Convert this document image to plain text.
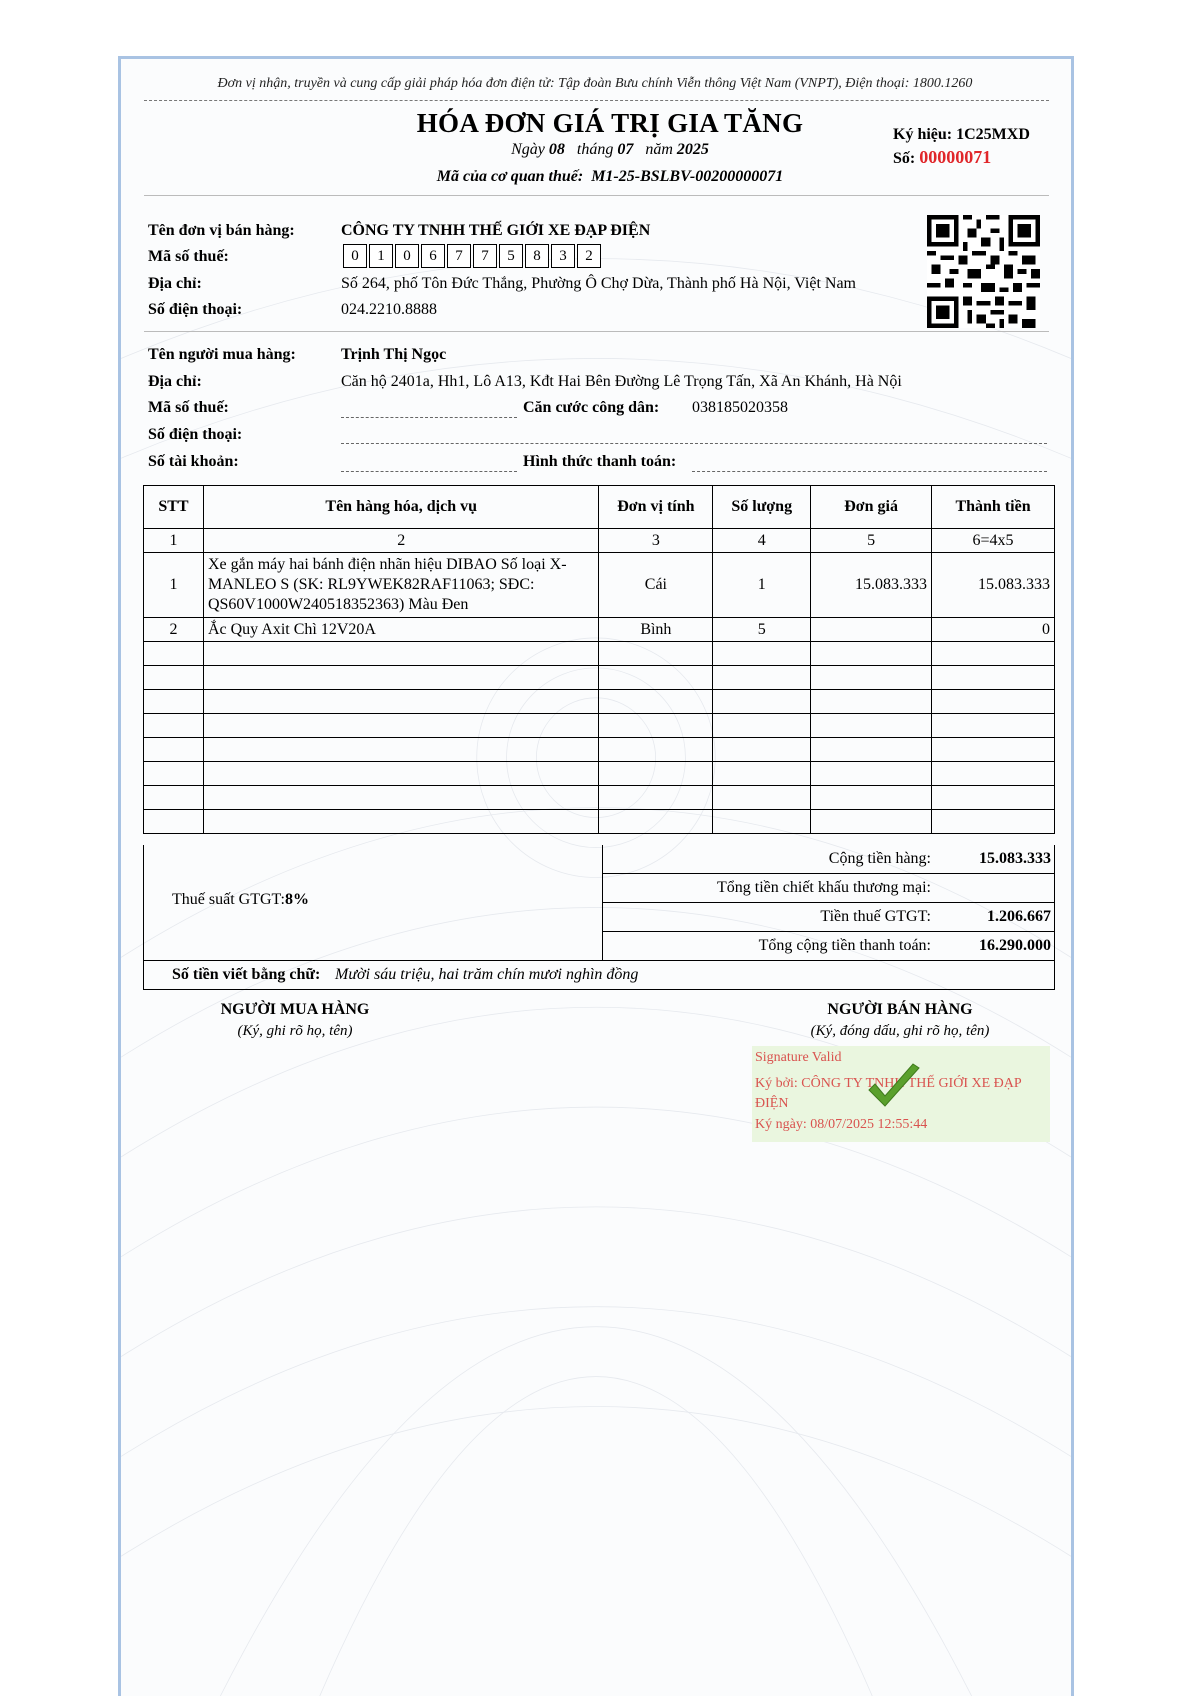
Đơn vị nhận, truyền và cung cấp giải pháp hóa đơn điện tử: Tập đoàn Bưu chính Viễn thông Việt Nam (VNPT), Điện thoại: 1800.1260
HÓA ĐƠN GIÁ TRỊ GIA TĂNG
Ngày 08 tháng 07 năm 2025
Mã của cơ quan thuế: M1-25-BSLBV-00200000071
Ký hiệu: 1C25MXD
Số: 00000071
Tên đơn vị bán hàng:	CÔNG TY TNHH THẾ GIỚI XE ĐẠP ĐIỆN
Mã số thuế:	0	1	0	6	7	7	5	8	3	2
Địa chỉ:	Số 264, phố Tôn Đức Thắng, Phường Ô Chợ Dừa, Thành phố Hà Nội, Việt Nam
Số điện thoại:	024.2210.8888
Tên người mua hàng:	Trịnh Thị Ngọc
Địa chỉ:	Căn hộ 2401a, Hh1, Lô A13, Kđt Hai Bên Đường Lê Trọng Tấn, Xã An Khánh, Hà Nội
Mã số thuế:	Căn cước công dân: 038185020358
Số điện thoại:
Số tài khoản:	Hình thức thanh toán:
STT	Tên hàng hóa, dịch vụ	Đơn vị tính	Số lượng	Đơn giá	Thành tiền
1	2	3	4	5	6=4x5
1	Xe gắn máy hai bánh điện nhãn hiệu DIBAO Số loại X-MANLEO S (SK: RL9YWEK82RAF11063; SĐC: QS60V1000W240518352363) Màu Đen	Cái	1	15.083.333	15.083.333
2	Ắc Quy Axit Chì 12V20A	Bình	5		0

Thuế suất GTGT:8%
Cộng tiền hàng:	15.083.333
Tổng tiền chiết khấu thương mại:
Tiền thuế GTGT:	1.206.667
Tổng cộng tiền thanh toán:	16.290.000
Số tiền viết bằng chữ: Mười sáu triệu, hai trăm chín mươi nghìn đồng
NGƯỜI MUA HÀNG
(Ký, ghi rõ họ, tên)
NGƯỜI BÁN HÀNG
(Ký, đóng dấu, ghi rõ họ, tên)
Signature Valid
Ký bởi: CÔNG TY TNHH THẾ GIỚI XE ĐẠP ĐIỆN
Ký ngày: 08/07/2025 12:55:44
